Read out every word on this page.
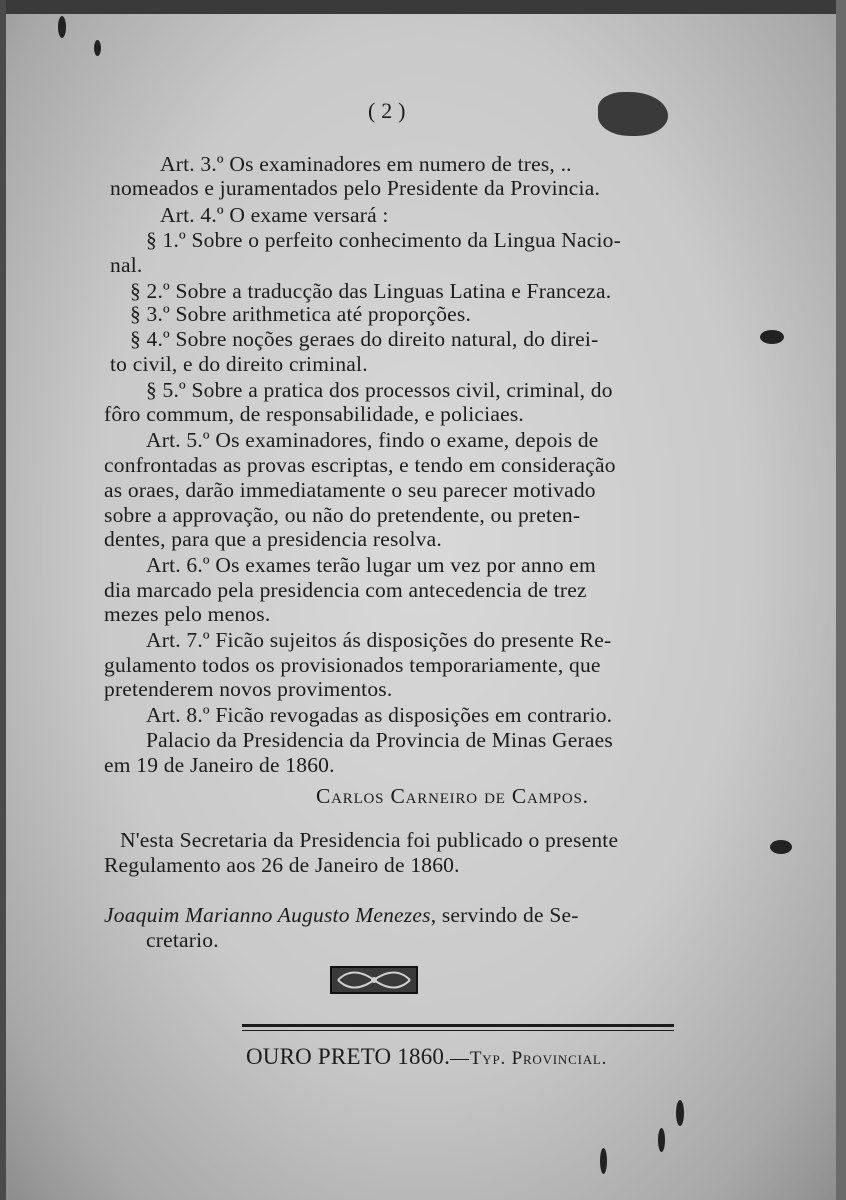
( 2 )
Art. 3.º Os examinadores em numero de tres, ..
nomeados e juramentados pelo Presidente da Provincia.
Art. 4.º O exame versará :
§ 1.º Sobre o perfeito conhecimento da Lingua Nacio-
nal.
§ 2.º Sobre a traducção das Linguas Latina e Franceza.
§ 3.º Sobre arithmetica até proporções.
§ 4.º Sobre noções geraes do direito natural, do direi-
to civil, e do direito criminal.
§ 5.º Sobre a pratica dos processos civil, criminal, do
fôro commum, de responsabilidade, e policiaes.
Art. 5.º Os examinadores, findo o exame, depois de
confrontadas as provas escriptas, e tendo em consideração
as oraes, darão immediatamente o seu parecer motivado
sobre a approvação, ou não do pretendente, ou preten-
dentes, para que a presidencia resolva.
Art. 6.º Os exames terão lugar um vez por anno em
dia marcado pela presidencia com antecedencia de trez
mezes pelo menos.
Art. 7.º Ficão sujeitos ás disposições do presente Re-
gulamento todos os provisionados temporariamente, que
pretenderem novos provimentos.
Art. 8.º Ficão revogadas as disposições em contrario.
Palacio da Presidencia da Provincia de Minas Geraes
em 19 de Janeiro de 1860.
Carlos Carneiro de Campos.
N'esta Secretaria da Presidencia foi publicado o presente
Regulamento aos 26 de Janeiro de 1860.
Joaquim Marianno Augusto Menezes, servindo de Se-
cretario.
OURO PRETO 1860.—Typ. Provincial.
